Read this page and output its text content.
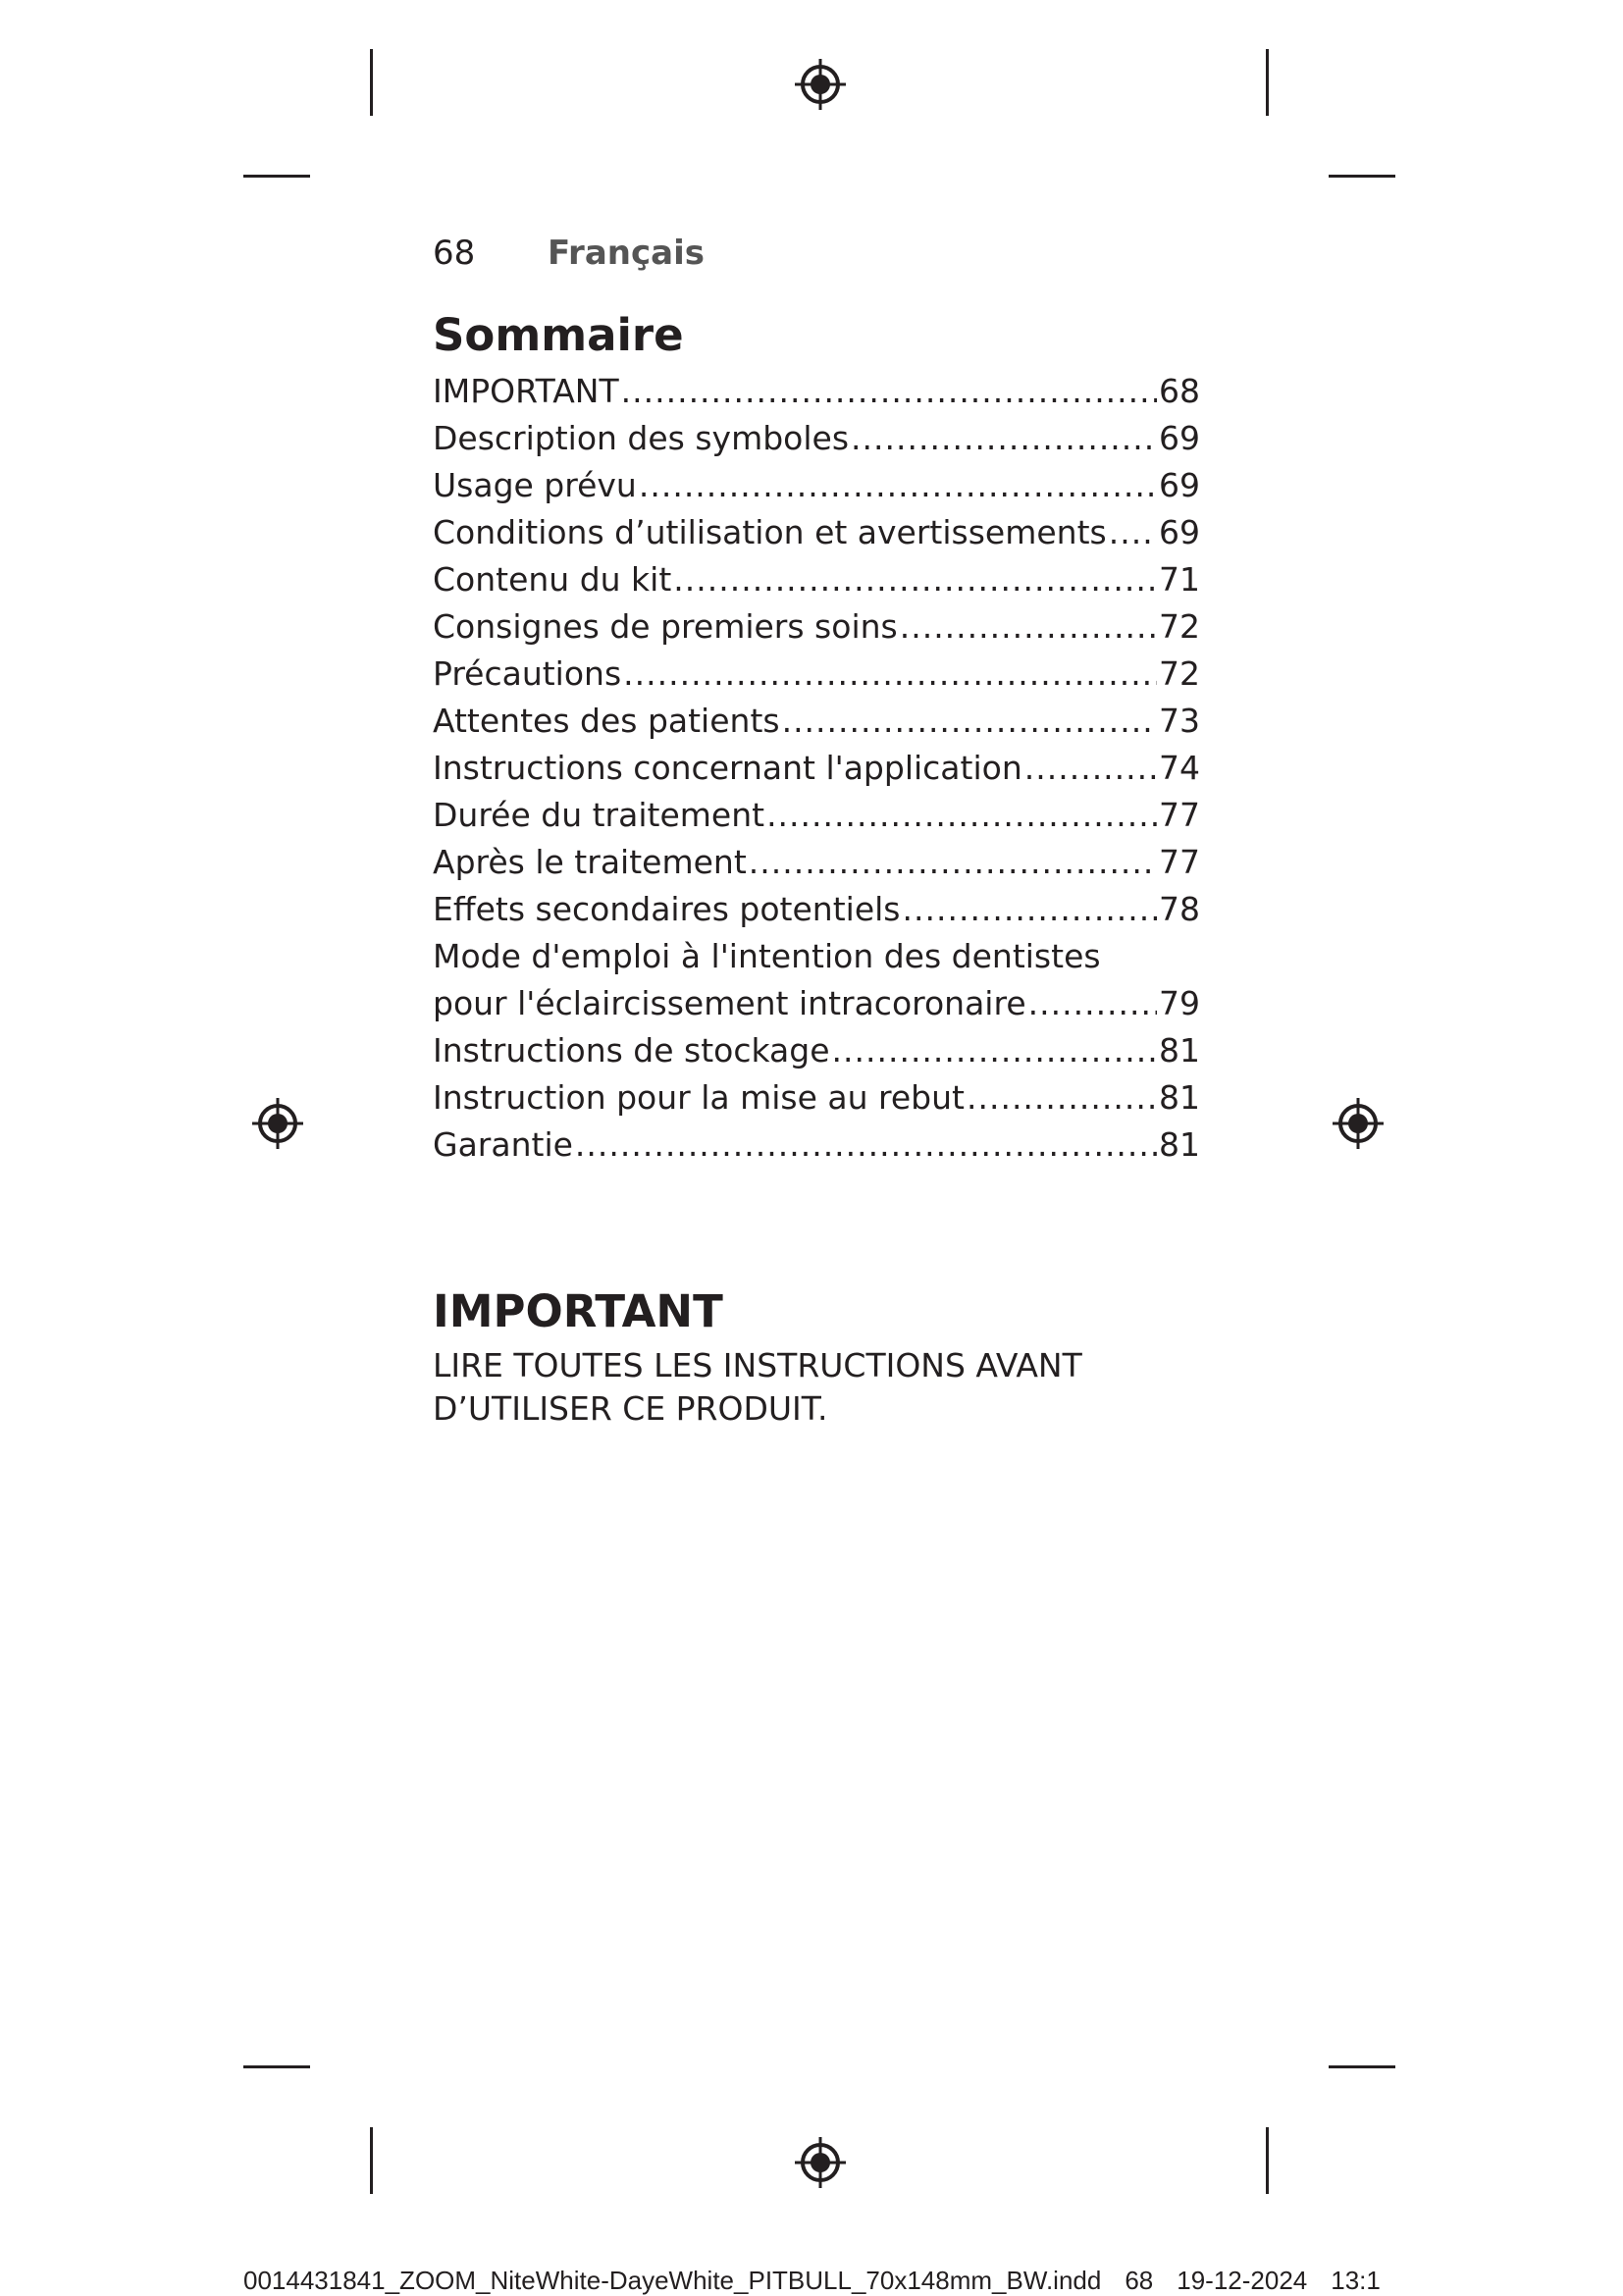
68 Français
Sommaire
IMPORTANT .....	68
Description des symboles .....	69
Usage prévu .....	69
Conditions d’utilisation et avertissements ..... 69
Contenu du kit .....	71
Consignes de premiers soins .....	72
Précautions .....	72
Attentes des patients .....	73
Instructions concernant l'application .....	74
Durée du traitement .....	77
Après le traitement .....	77
Effets secondaires potentiels .....	78
Mode d'emploi à l'intention des dentistes
pour l'éclaircissement intracoronaire .....	79
Instructions de stockage .....	81
Instruction pour la mise au rebut .....	81
Garantie .....	81
IMPORTANT
LIRE TOUTES LES INSTRUCTIONS AVANT
D’UTILISER CE PRODUIT.
0014431841_ZOOM_NiteWhite-DayeWhite_PITBULL_70x148mm_BW.indd 68 19-12-2024 13:1
